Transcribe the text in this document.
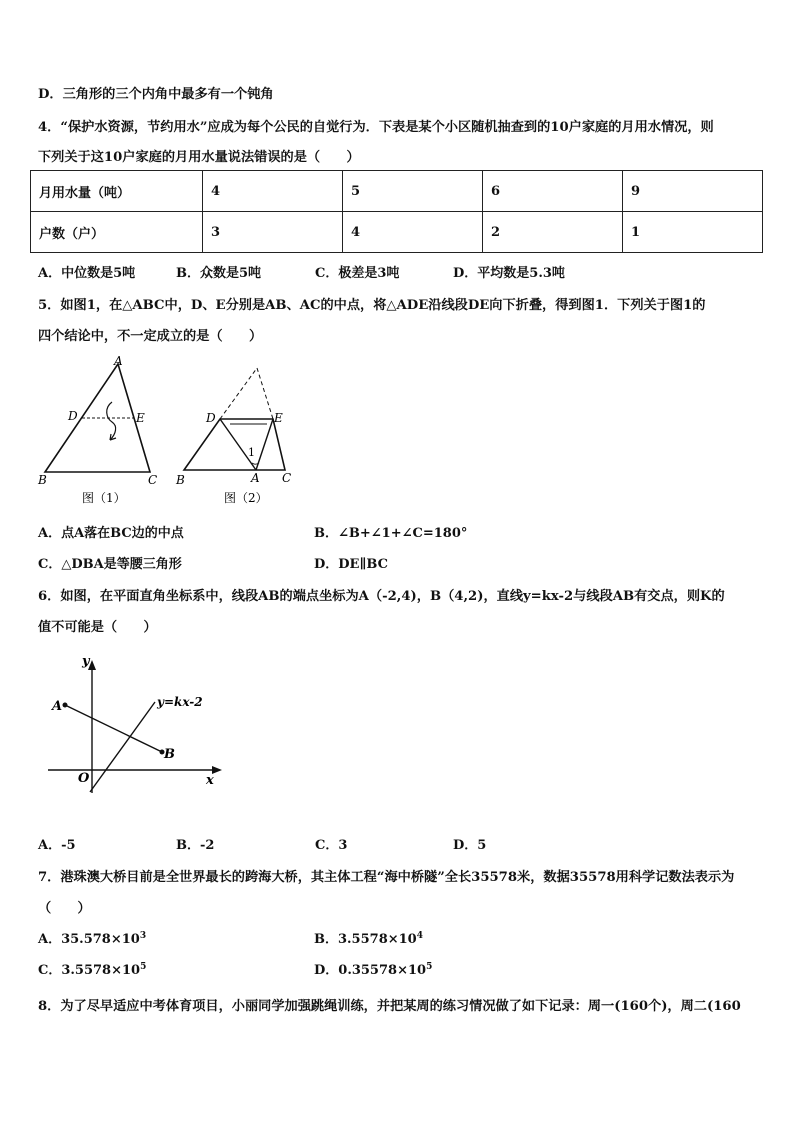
D．三角形的三个内角中最多有一个钝角
4．“保护水资源，节约用水”应成为每个公民的自觉行为．下表是某个小区随机抽查到的10户家庭的月用水情况，则
下列关于这10户家庭的月用水量说法错误的是（　　）
月用水量（吨）	4	5	6	9
户数（户）	3	4	2	1
A．中位数是5吨	B．众数是5吨	C．极差是3吨	D．平均数是5.3吨
5．如图1，在△ABC中，D、E分别是AB、AC的中点，将△ADE沿线段DE向下折叠，得到图1．下列关于图1的
四个结论中，不一定成立的是（　　）
A
D	E
B	C
图（1）
1
D	E
B	A C
图（2）
A．点A落在BC边的中点	B．∠B+∠1+∠C=180°
C．△DBA是等腰三角形	D．DE∥BC
6．如图，在平面直角坐标系中，线段AB的端点坐标为A（-2,4)，B（4,2)，直线y=kx-2与线段AB有交点，则K的
值不可能是（　　）
y
x
O
A
B
y=kx-2
A．-5	B．-2	C．3	D．5
7．港珠澳大桥目前是全世界最长的跨海大桥，其主体工程“海中桥隧”全长35578米，数据35578用科学记数法表示为
（　　）
A．$35.578\times 10^3$	B．$3.5578\times 10^4$
C．$3.5578\times 10^5$	D．$0.35578\times 10^5$
8．为了尽早适应中考体育项目，小丽同学加强跳绳训练，并把某周的练习情况做了如下记录：周一(160个)，周二(160
